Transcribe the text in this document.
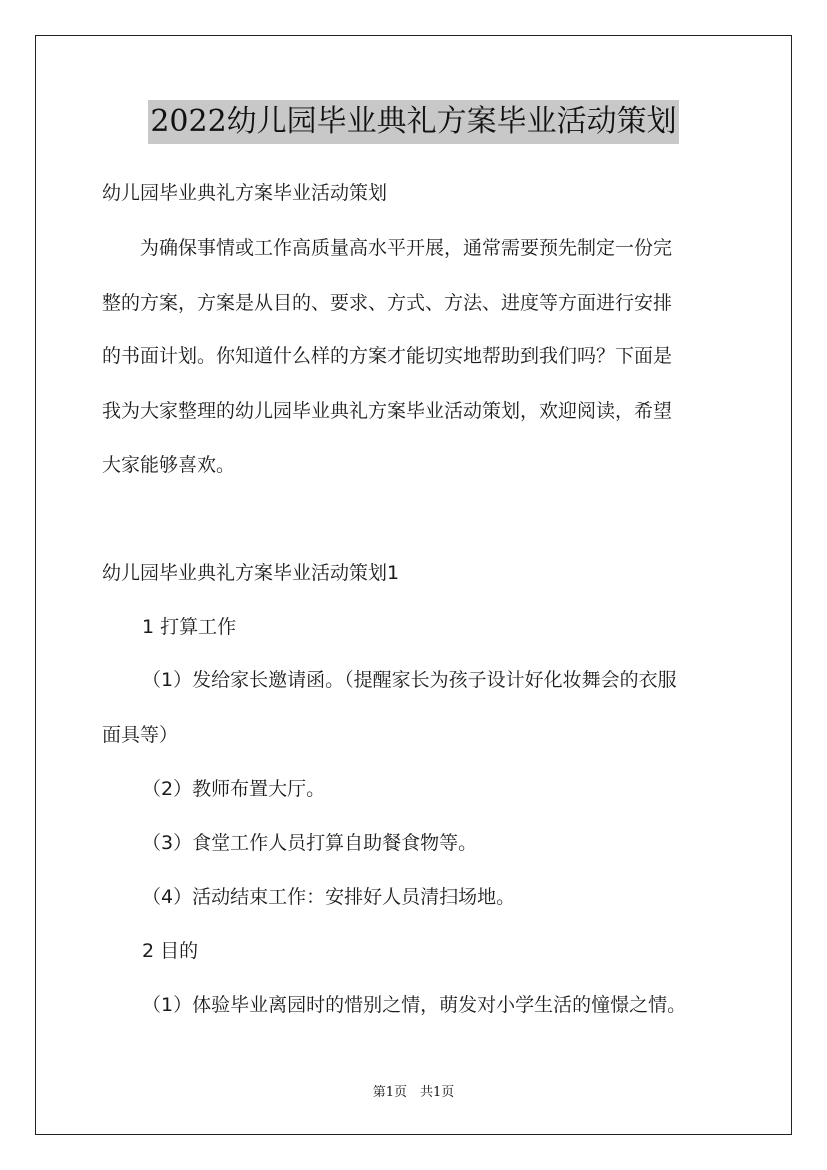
2022幼儿园毕业典礼方案毕业活动策划
幼儿园毕业典礼方案毕业活动策划
为确保事情或工作高质量高水平开展，通常需要预先制定一份完
整的方案，方案是从目的、要求、方式、方法、进度等方面进行安排
的书面计划。你知道什么样的方案才能切实地帮助到我们吗？下面是
我为大家整理的幼儿园毕业典礼方案毕业活动策划，欢迎阅读，希望
大家能够喜欢。
幼儿园毕业典礼方案毕业活动策划1
1 打算工作
（1）发给家长邀请函。（提醒家长为孩子设计好化妆舞会的衣服
面具等）
（2）教师布置大厅。
（3）食堂工作人员打算自助餐食物等。
（4）活动结束工作：安排好人员清扫场地。
2 目的
（1）体验毕业离园时的惜别之情，萌发对小学生活的憧憬之情。
第1页　共1页
